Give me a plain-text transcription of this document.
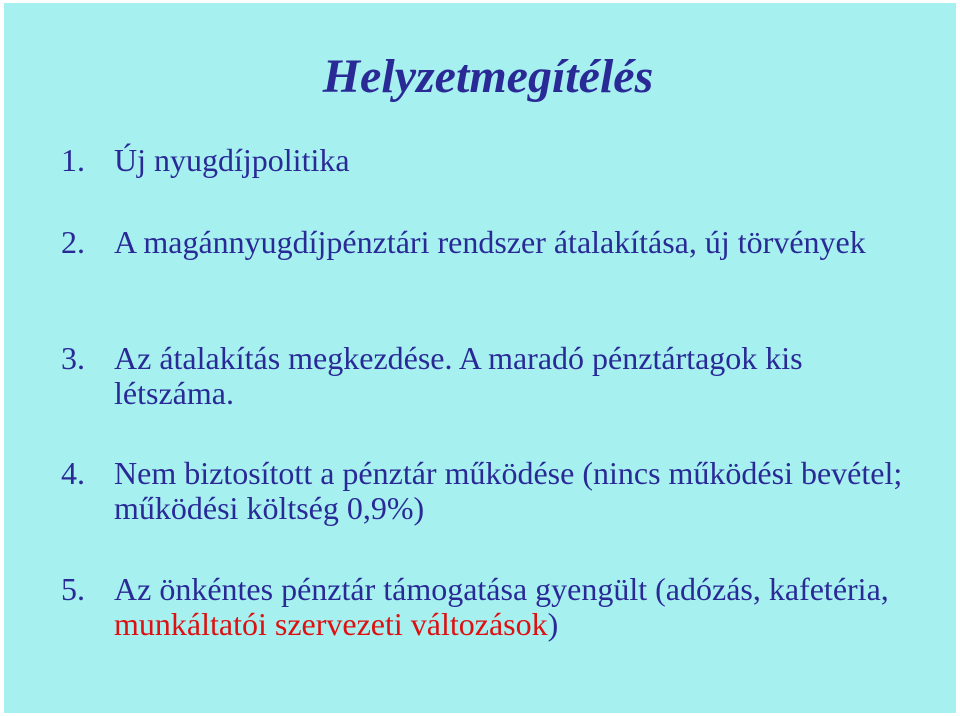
Helyzetmegítélés
1. Új nyugdíjpolitika
2. A magánnyugdíjpénztári rendszer átalakítása, új törvények
3. Az átalakítás megkezdése. A maradó pénztártagok kis létszáma.
4. Nem biztosított a pénztár működése (nincs működési bevétel; működési költség 0,9%)
5. Az önkéntes pénztár támogatása gyengült (adózás, kafetéria, munkáltatói szervezeti változások)
